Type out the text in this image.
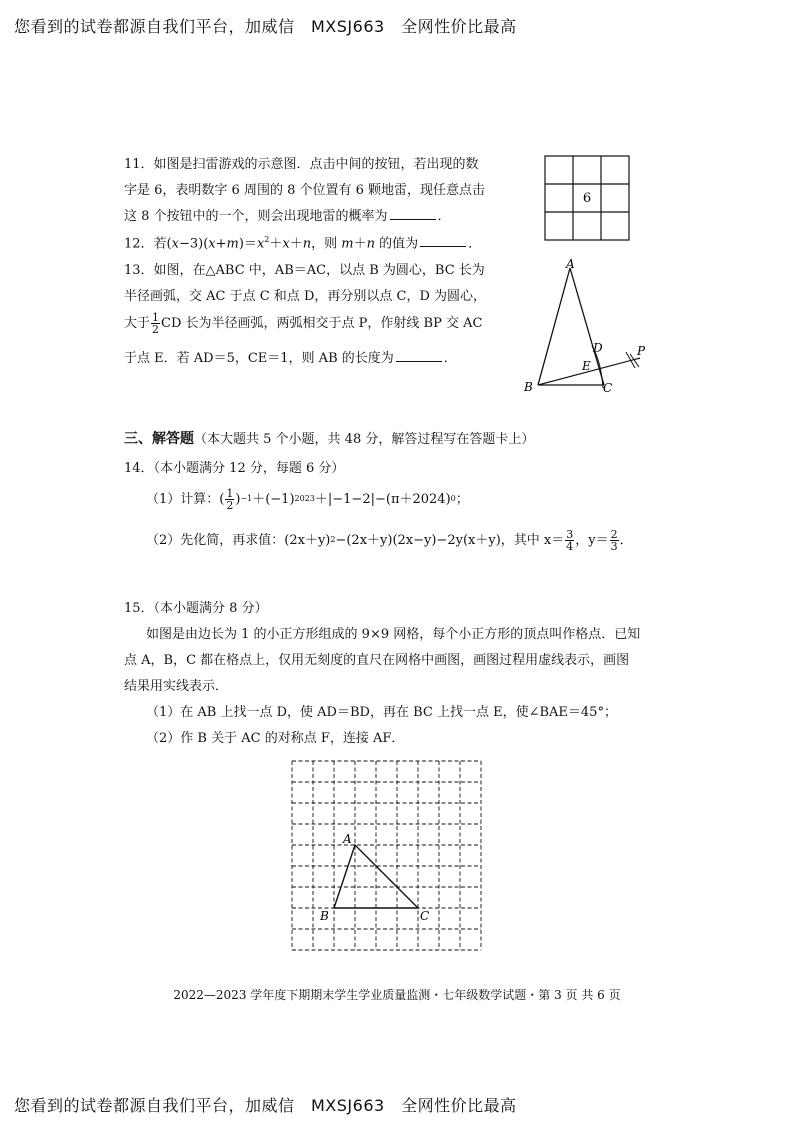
您看到的试卷都源自我们平台，加威信　MXSJ663　全网性价比最高
11．如图是扫雷游戏的示意图．点击中间的按钮，若出现的数
字是 6，表明数字 6 周围的 8 个位置有 6 颗地雷，现任意点击
这 8 个按钮中的一个，则会出现地雷的概率为	．
6
12．若$(x-3)(x+m)=x^2+x+n$，则 m＋n 的值为	．
13．如图，在△ABC 中，AB＝AC，以点 B 为圆心，BC 长为
半径画弧，交 AC 于点 C 和点 D，再分别以点 C，D 为圆心，
大于 $\frac{1}{2}$ CD 长为半径画弧，两弧相交于点 P，作射线 BP 交 AC
于点 E．若 AD＝5，CE＝1，则 AB 的长度为	．
A
B	C
D
E
P
三、解答题（本大题共 5 个小题，共 48 分，解答过程写在答题卡上）
14．（本小题满分 12 分，每题 6 分）
（1）计算：( $\frac{1}{2}$ ) −1 ＋(−1) 2023 ＋|−1−2|−(π＋2024) 0 ；
（2）先化简，再求值：(2x＋y) 2 −(2x＋y)(2x−y)−2y(x＋y)，其中 $x= \frac{3}{4}$ ，$y= \frac{2}{3}$ ．
15．（本小题满分 8 分）
如图是由边长为 1 的小正方形组成的 9×9 网格，每个小正方形的顶点叫作格点．已知
点 A，B，C 都在格点上，仅用无刻度的直尺在网格中画图，画图过程用虚线表示，画图
结果用实线表示．
（1）在 AB 上找一点 D，使 AD＝BD，再在 BC 上找一点 E，使∠BAE＝45°；
（2）作 B 关于 AC 的对称点 F，连接 AF．
A
B	C
2022—2023 学年度下期期末学生学业质量监测・七年级数学试题・第 3 页 共 6 页
您看到的试卷都源自我们平台，加威信　MXSJ663　全网性价比最高
